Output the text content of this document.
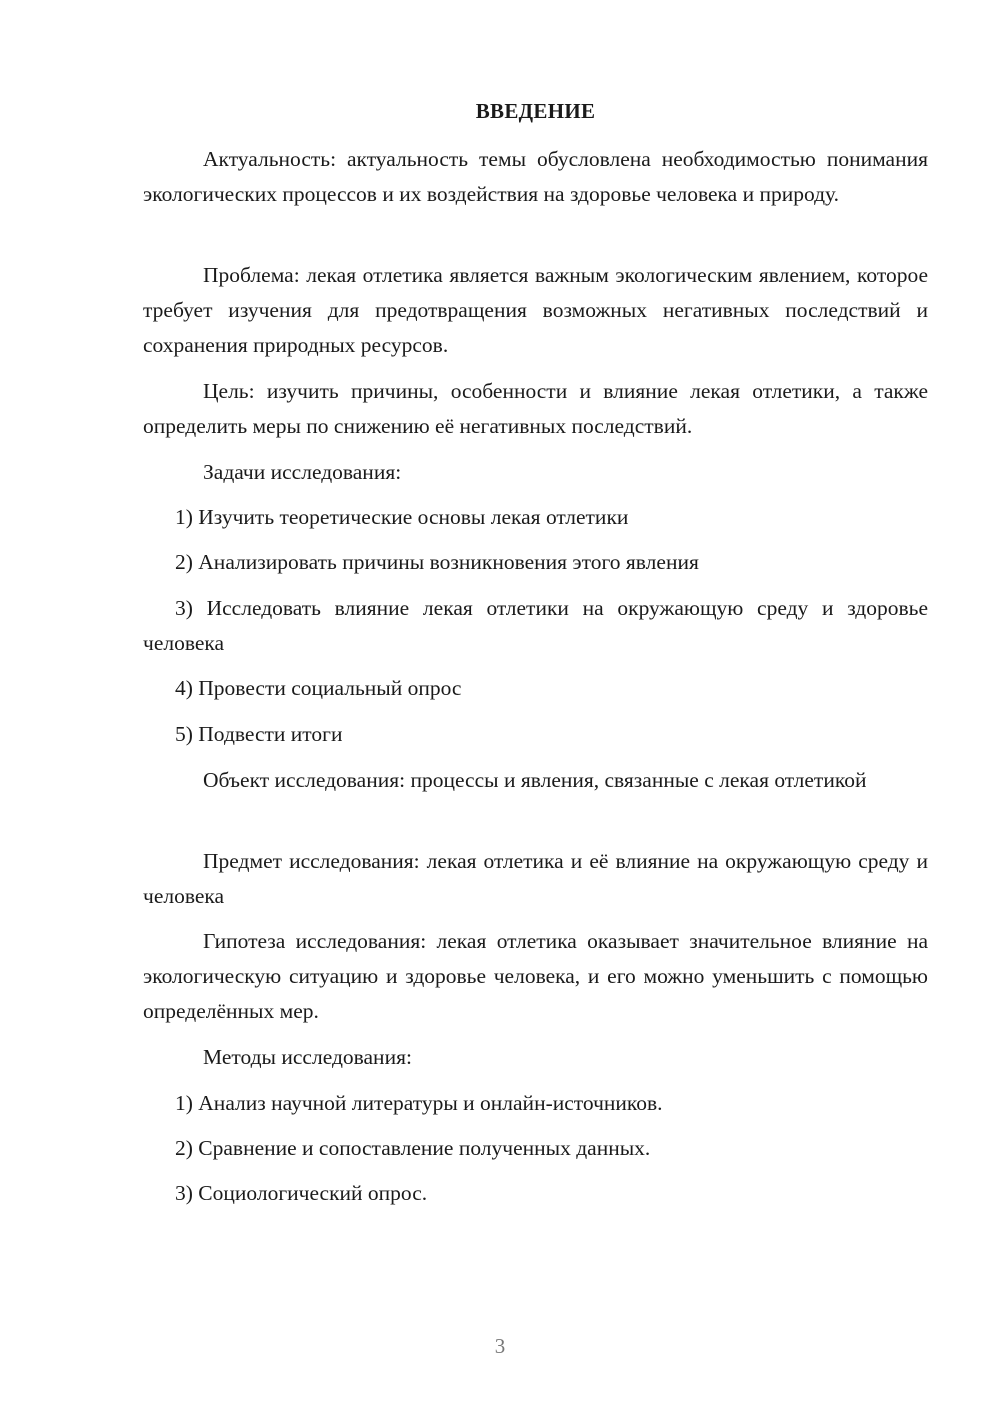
ВВЕДЕНИЕ

Актуальность: актуальность темы обусловлена необходимостью понимания экологических процессов и их воздействия на здоровье человека и природу.

Проблема: лекая отлетика является важным экологическим явлением, которое требует изучения для предотвращения возможных негативных последствий и сохранения природных ресурсов.

Цель: изучить причины, особенности и влияние лекая отлетики, а также определить меры по снижению её негативных последствий.

Задачи исследования:

1) Изучить теоретические основы лекая отлетики

2) Анализировать причины возникновения этого явления

3) Исследовать влияние лекая отлетики на окружающую среду и здоровье человека

4) Провести социальный опрос

5) Подвести итоги

Объект исследования: процессы и явления, связанные с лекая отлетикой

Предмет исследования: лекая отлетика и её влияние на окружающую среду и человека

Гипотеза исследования: лекая отлетика оказывает значительное влияние на экологическую ситуацию и здоровье человека, и его можно уменьшить с помощью определённых мер.

Методы исследования:

1) Анализ научной литературы и онлайн-источников.

2) Сравнение и сопоставление полученных данных.

3) Социологический опрос.

3
